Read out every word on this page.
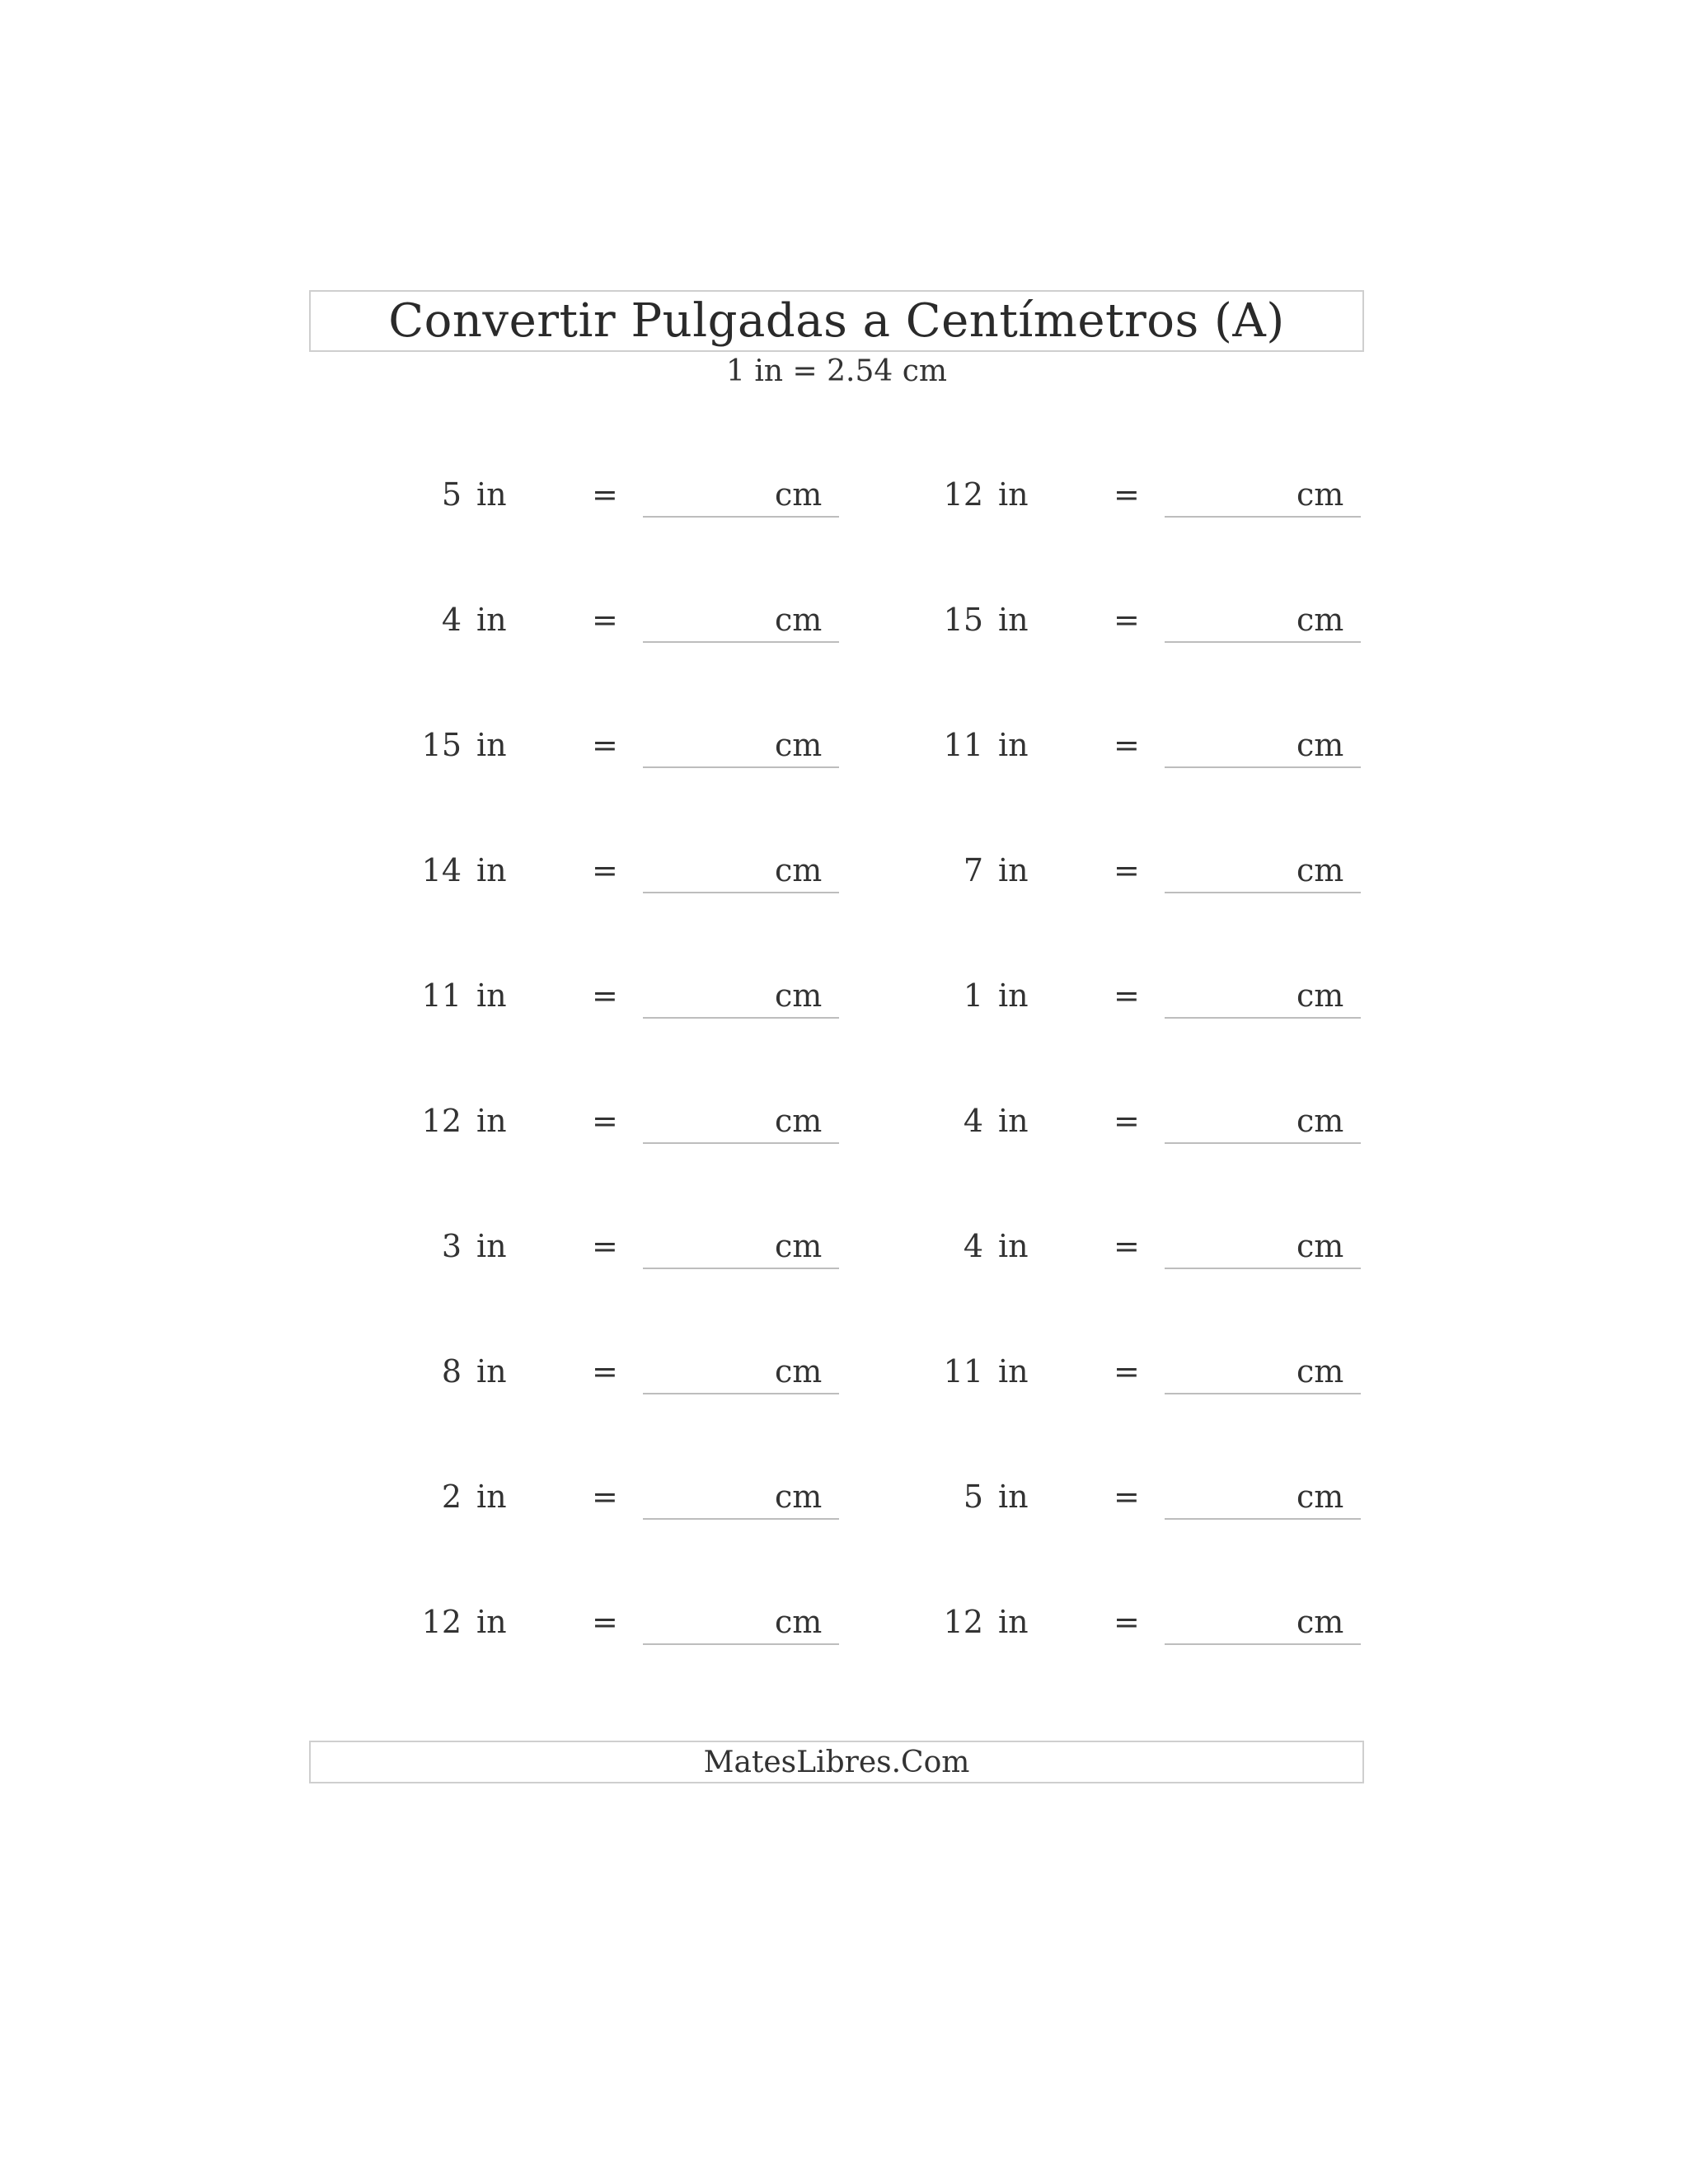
Convertir Pulgadas a Centímetros (A)
1 in = 2.54 cm
5 in	=	cm	12 in	=	cm
4 in	=	cm	15 in	=	cm
15 in	=	cm	11 in	=	cm
14 in	=	cm	7 in	=	cm
11 in	=	cm	1 in	=	cm
12 in	=	cm	4 in	=	cm
3 in	=	cm	4 in	=	cm
8 in	=	cm	11 in	=	cm
2 in	=	cm	5 in	=	cm
12 in	=	cm	12 in	=	cm
MatesLibres.Com
